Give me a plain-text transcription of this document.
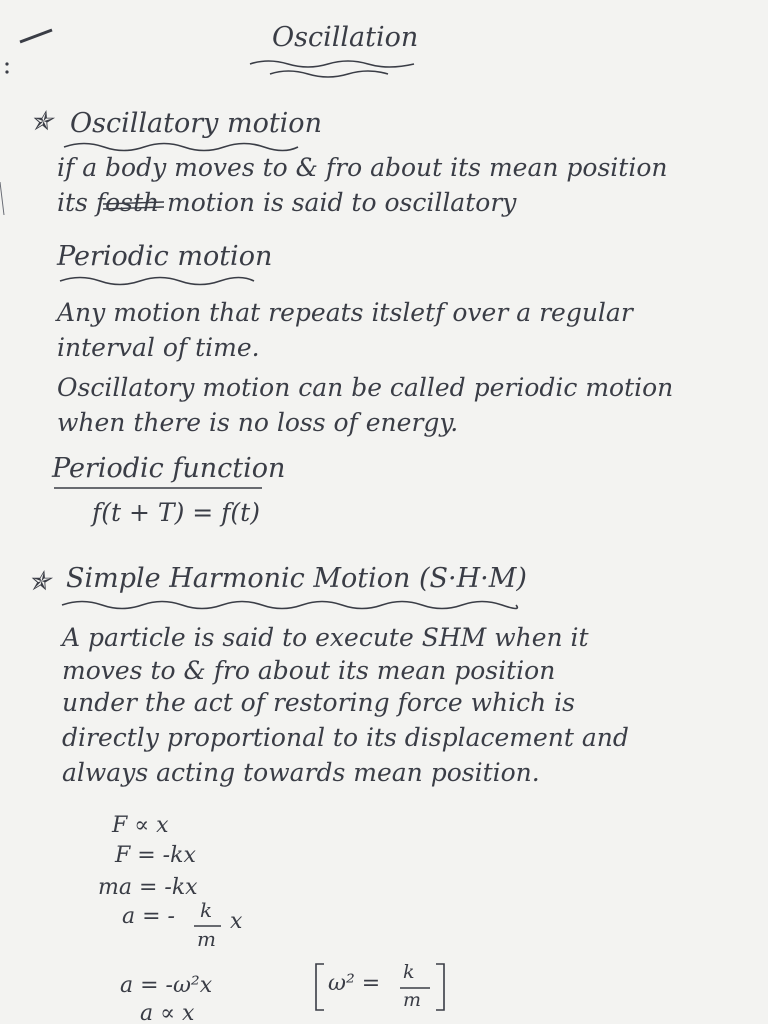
Oscillation
✯ Oscillatory motion
if a body moves to & fro about its mean position
its fosth motion is said to oscillatory
Periodic motion
Any motion that repeats itsletf over a regular
interval of time.
Oscillatory motion can be called periodic motion
when there is no loss of energy.
Periodic function
f(t + T) = f(t)
✯ Simple Harmonic Motion (S·H·M)
A particle is said to execute SHM when it
moves to & fro about its mean position
under the act of restoring force which is
directly proportional to its displacement and
always acting towards mean position.
F ∝ x
F = -kx
ma = -kx
a = - k
m
x
a = -ω²x
a ∝ x
ω² = k
m
